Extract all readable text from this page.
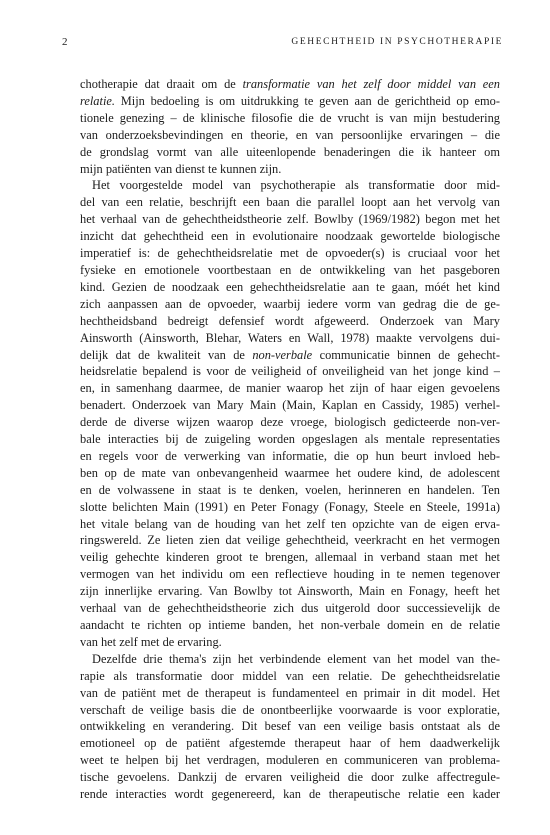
2	GEHECHTHEID IN PSYCHOTHERAPIE

chotherapie dat draait om de transformatie van het zelf door middel van een
relatie. Mijn bedoeling is om uitdrukking te geven aan de gerichtheid op emo-
tionele genezing – de klinische filosofie die de vrucht is van mijn bestudering
van onderzoeksbevindingen en theorie, en van persoonlijke ervaringen – die
de grondslag vormt van alle uiteenlopende benaderingen die ik hanteer om
mijn patiënten van dienst te kunnen zijn.

Het voorgestelde model van psychotherapie als transformatie door mid-
del van een relatie, beschrijft een baan die parallel loopt aan het vervolg van
het verhaal van de gehechtheidstheorie zelf. Bowlby (1969/1982) begon met het
inzicht dat gehechtheid een in evolutionaire noodzaak gewortelde biologische
imperatief is: de gehechtheidsrelatie met de opvoeder(s) is cruciaal voor het
fysieke en emotionele voortbestaan en de ontwikkeling van het pasgeboren
kind. Gezien de noodzaak een gehechtheidsrelatie aan te gaan, móét het kind
zich aanpassen aan de opvoeder, waarbij iedere vorm van gedrag die de ge-
hechtheidsband bedreigt defensief wordt afgeweerd. Onderzoek van Mary
Ainsworth (Ainsworth, Blehar, Waters en Wall, 1978) maakte vervolgens dui-
delijk dat de kwaliteit van de non-verbale communicatie binnen de gehecht-
heidsrelatie bepalend is voor de veiligheid of onveiligheid van het jonge kind –
en, in samenhang daarmee, de manier waarop het zijn of haar eigen gevoelens
benadert. Onderzoek van Mary Main (Main, Kaplan en Cassidy, 1985) verhel-
derde de diverse wijzen waarop deze vroege, biologisch gedicteerde non-ver-
bale interacties bij de zuigeling worden opgeslagen als mentale representaties
en regels voor de verwerking van informatie, die op hun beurt invloed heb-
ben op de mate van onbevangenheid waarmee het oudere kind, de adolescent
en de volwassene in staat is te denken, voelen, herinneren en handelen. Ten
slotte belichten Main (1991) en Peter Fonagy (Fonagy, Steele en Steele, 1991a)
het vitale belang van de houding van het zelf ten opzichte van de eigen erva-
ringswereld. Ze lieten zien dat veilige gehechtheid, veerkracht en het vermogen
veilig gehechte kinderen groot te brengen, allemaal in verband staan met het
vermogen van het individu om een reflectieve houding in te nemen tegenover
zijn innerlijke ervaring. Van Bowlby tot Ainsworth, Main en Fonagy, heeft het
verhaal van de gehechtheidstheorie zich dus uitgerold door successievelijk de
aandacht te richten op intieme banden, het non-verbale domein en de relatie
van het zelf met de ervaring.

Dezelfde drie thema's zijn het verbindende element van het model van the-
rapie als transformatie door middel van een relatie. De gehechtheidsrelatie
van de patiënt met de therapeut is fundamenteel en primair in dit model. Het
verschaft de veilige basis die de onontbeerlijke voorwaarde is voor exploratie,
ontwikkeling en verandering. Dit besef van een veilige basis ontstaat als de
emotioneel op de patiënt afgestemde therapeut haar of hem daadwerkelijk
weet te helpen bij het verdragen, moduleren en communiceren van problema-
tische gevoelens. Dankzij de ervaren veiligheid die door zulke affectregule-
rende interacties wordt gegenereerd, kan de therapeutische relatie een kader
